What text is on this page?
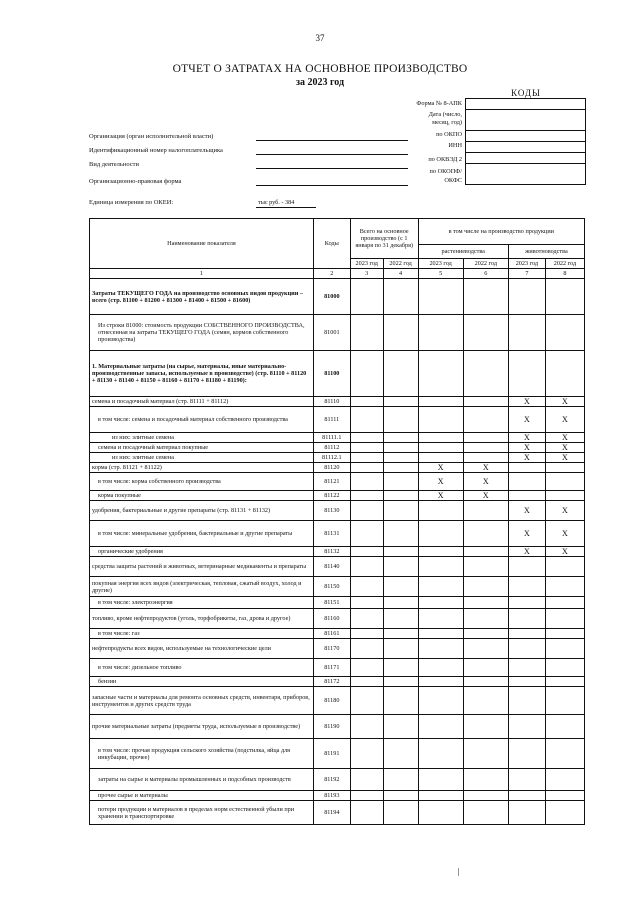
37
ОТЧЕТ О ЗАТРАТАХ НА ОСНОВНОЕ ПРОИЗВОДСТВО
за 2023 год
КОДЫ
Форма № 8-АПК
Дата (число,
месяц, год)
по ОКПО
ИНН
по ОКВЭД 2
по ОКОПФ/
ОКФС
Организация (орган исполнительной власти)
Идентификационный номер налогоплательщика
Вид деятельности
Организационно-правовая форма
Единица измерения по ОКЕИ:	тыс руб. - 384
Наименование показателя	Коды	Всего на основное производство (с 1 января по 31 декабря)		в том числе на производство продукции			
				растениеводства		животноводства	
		2023 год	2022 год	2023 год	2022 год	2023 год	2022 год
1	2	3	4	5	6	7	8
Затраты ТЕКУЩЕГО ГОДА на производство основных видов продукции – всего (стр. 81100 + 81200 + 81300 + 81400 + 81500 + 81600)	81000						
Из строки 81000: стоимость продукции СОБСТВЕННОГО ПРОИЗВОДСТВА, отнесенная на затраты ТЕКУЩЕГО ГОДА (семян, кормов собственного производства)	81001						
1. Материальные затраты (на сырье, материалы, иные материально-производственные запасы, используемые в производстве) (стр. 81110 + 81120 + 81130 + 81140 + 81150 + 81160 + 81170 + 81180 + 81190):	81100						
семена и посадочный материал (стр. 81111 + 81112)	81110					X	X
в том числе: семена и посадочный материал собственного производства	81111					X	X
из них: элитные семена	81111.1					X	X
семена и посадочный материал покупные	81112					X	X
из них: элитные семена	81112.1					X	X
корма (стр. 81121 + 81122)	81120			X	X		
в том числе: корма собственного производства	81121			X	X		
корма покупные	81122			X	X		
удобрения, бактериальные и другие препараты (стр. 81131 + 81132)	81130					X	X
в том числе: минеральные удобрения, бактериальные и другие препараты	81131					X	X
органические удобрения	81132					X	X
средства защиты растений и животных, ветеринарные медикаменты и препараты	81140						
покупная энергия всех видов (электрическая, тепловая, сжатый воздух, холод и другие)	81150						
в том числе: электроэнергия	81151						
топливо, кроме нефтепродуктов (уголь, торфобрикеты, газ, дрова и другое)	81160						
в том числе: газ	81161						
нефтепродукты всех видов, используемые на технологические цели	81170						
в том числе: дизельное топливо	81171						
бензин	81172						
запасные части и материалы для ремонта основных средств, инвентаря, приборов, инструментов и других средств труда	81180						
прочие материальные затраты (предметы труда, используемые в производстве)	81190						
в том числе: прочая продукция сельского хозяйства (подстилка, яйца для инкубации, прочее)	81191						
затраты на сырье и материалы промышленных и подсобных производств	81192						
прочее сырье и материалы	81193						
потери продукции и материалов в пределах норм естественной убыли при хранении и транспортировке	81194						
